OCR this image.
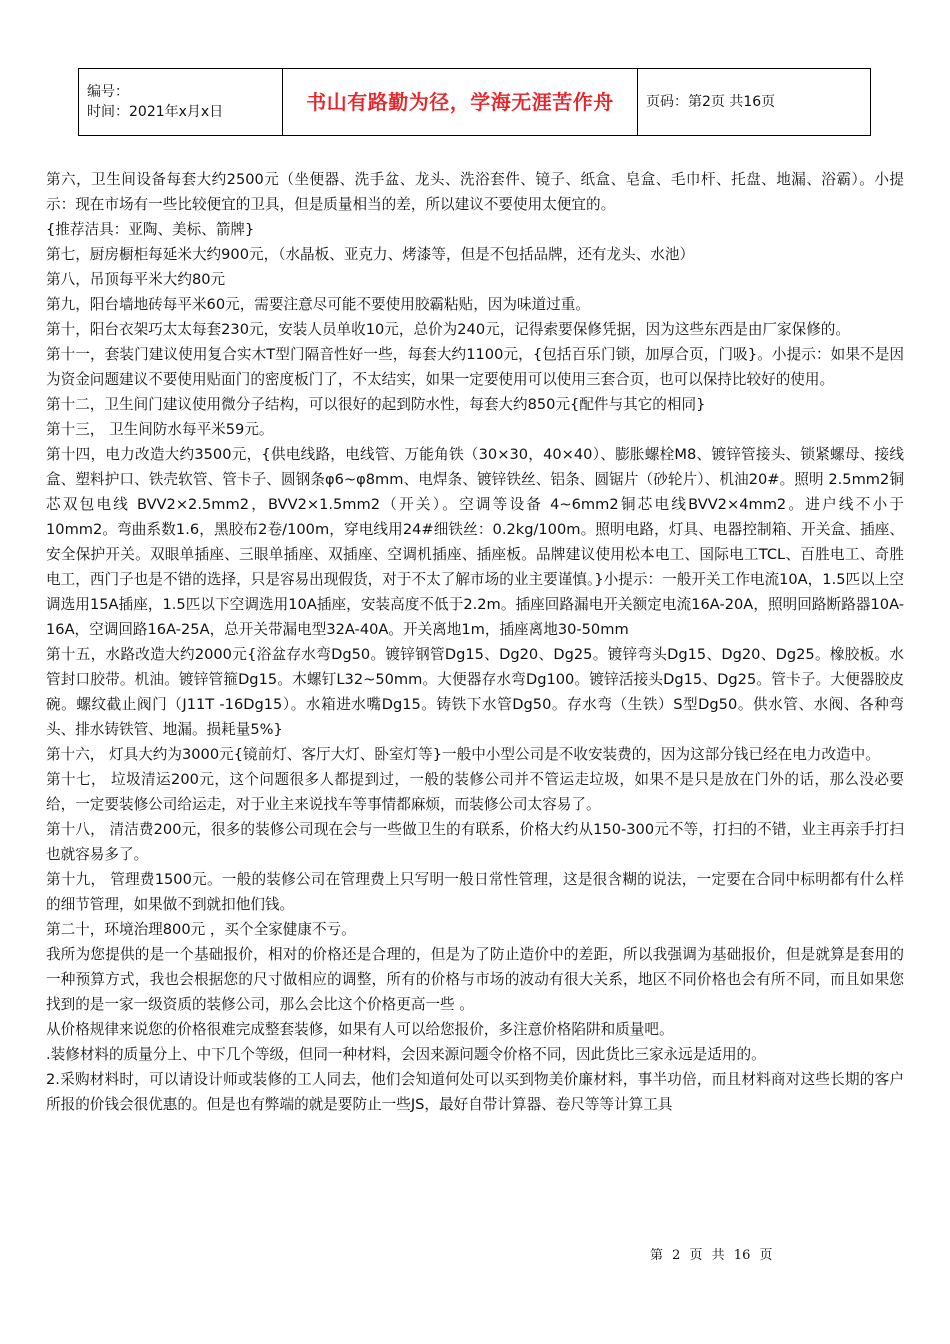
编号：
时间：2021年x月x日	书山有路勤为径，学海无涯苦作舟	页码：第2页 共16页

第六，卫生间设备每套大约2500元（坐便器、洗手盆、龙头、洗浴套件、镜子、纸盒、皂盒、毛巾杆、托盘、地漏、浴霸）。小提示：现在市场有一些比较便宜的卫具，但是质量相当的差，所以建议不要使用太便宜的。

{推荐洁具：亚陶、美标、箭牌}

第七，厨房橱柜每延米大约900元，（水晶板、亚克力、烤漆等，但是不包括品牌，还有龙头、水池）

第八，吊顶每平米大约80元

第九，阳台墙地砖每平米60元，需要注意尽可能不要使用胶霸粘贴，因为味道过重。

第十，阳台衣架巧太太每套230元，安装人员单收10元，总价为240元，记得索要保修凭据，因为这些东西是由厂家保修的。

第十一，套装门建议使用复合实木T型门隔音性好一些，每套大约1100元，{包括百乐门锁，加厚合页，门吸}。小提示：如果不是因为资金问题建议不要使用贴面门的密度板门了，不太结实，如果一定要使用可以使用三套合页，也可以保持比较好的使用。

第十二，卫生间门建议使用微分子结构，可以很好的起到防水性，每套大约850元{配件与其它的相同}

第十三， 卫生间防水每平米59元。

第十四，电力改造大约3500元，{供电线路，电线管、万能角铁（30×30，40×40）、膨胀螺栓M8、镀锌管接头、锁紧螺母、接线盒、塑料护口、铁壳软管、管卡子、圆钢条φ6~φ8mm、电焊条、镀锌铁丝、铝条、圆锯片（砂轮片）、机油20#。照明 2.5mm2铜芯双包电线 BVV2×2.5mm2，BVV2×1.5mm2（开关）。空调等设备 4~6mm2铜芯电线BVV2×4mm2。进户线不小于 10mm2。弯曲系数1.6，黑胶布2卷/100m，穿电线用24#细铁丝：0.2kg/100m。照明电路，灯具、电器控制箱、开关盒、插座、安全保护开关。双眼单插座、三眼单插座、双插座、空调机插座、插座板。品牌建议使用松本电工、国际电工TCL、百胜电工、奇胜电工，西门子也是不错的选择，只是容易出现假货，对于不太了解市场的业主要谨慎。}小提示：一般开关工作电流10A，1.5匹以上空调选用15A插座，1.5匹以下空调选用10A插座，安装高度不低于2.2m。插座回路漏电开关额定电流16A-20A，照明回路断路器10A-16A，空调回路16A-25A，总开关带漏电型32A-40A。开关离地1m，插座离地30-50mm

第十五，水路改造大约2000元{浴盆存水弯Dg50。镀锌钢管Dg15、Dg20、Dg25。镀锌弯头Dg15、Dg20、Dg25。橡胶板。水管封口胶带。机油。镀锌管箍Dg15。木螺钉L32~50mm。大便器存水弯Dg100。镀锌活接头Dg15、Dg25。管卡子。大便器胶皮碗。螺纹截止阀门（J11T -16Dg15）。水箱进水嘴Dg15。铸铁下水管Dg50。存水弯（生铁）S型Dg50。供水管、水阀、各种弯头、排水铸铁管、地漏。损耗量5%}

第十六， 灯具大约为3000元{镜前灯、客厅大灯、卧室灯等}一般中小型公司是不收安装费的，因为这部分钱已经在电力改造中。

第十七， 垃圾清运200元，这个问题很多人都提到过，一般的装修公司并不管运走垃圾，如果不是只是放在门外的话，那么没必要给，一定要装修公司给运走，对于业主来说找车等事情都麻烦，而装修公司太容易了。

第十八， 清洁费200元，很多的装修公司现在会与一些做卫生的有联系，价格大约从150-300元不等，打扫的不错，业主再亲手打扫也就容易多了。

第十九， 管理费1500元。一般的装修公司在管理费上只写明一般日常性管理，这是很含糊的说法，一定要在合同中标明都有什么样的细节管理，如果做不到就扣他们钱。

第二十，环境治理800元 ，买个全家健康不亏。

我所为您提供的是一个基础报价，相对的价格还是合理的，但是为了防止造价中的差距，所以我强调为基础报价，但是就算是套用的一种预算方式，我也会根据您的尺寸做相应的调整，所有的价格与市场的波动有很大关系，地区不同价格也会有所不同，而且如果您找到的是一家一级资质的装修公司，那么会比这个价格更高一些 。

从价格规律来说您的价格很难完成整套装修，如果有人可以给您报价，多注意价格陷阱和质量吧。

.装修材料的质量分上、中下几个等级，但同一种材料，会因来源问题令价格不同，因此货比三家永远是适用的。

2.采购材料时，可以请设计师或装修的工人同去，他们会知道何处可以买到物美价廉材料，事半功倍，而且材料商对这些长期的客户所报的价钱会很优惠的。但是也有弊端的就是要防止一些JS，最好自带计算器、卷尺等等计算工具

第 2 页 共 16 页
